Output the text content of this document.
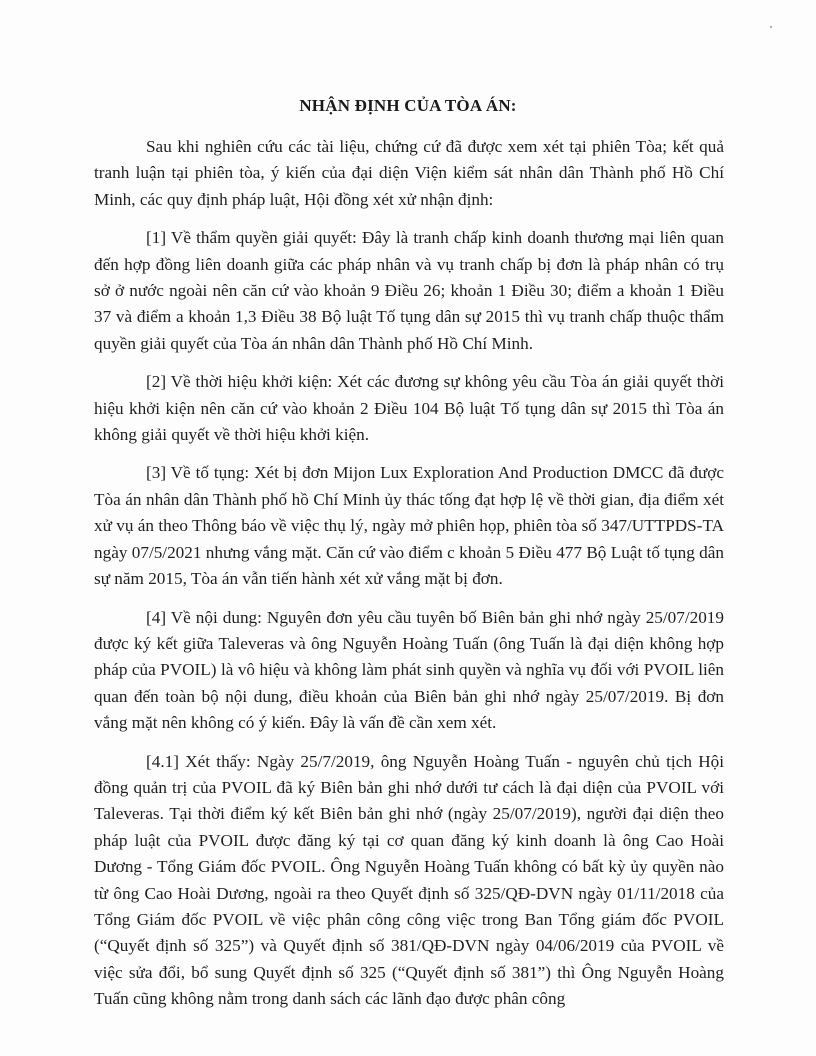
NHẬN ĐỊNH CỦA TÒA ÁN:

Sau khi nghiên cứu các tài liệu, chứng cứ đã được xem xét tại phiên Tòa; kết quả tranh luận tại phiên tòa, ý kiến của đại diện Viện kiểm sát nhân dân Thành phố Hồ Chí Minh, các quy định pháp luật, Hội đồng xét xử nhận định:

[1] Về thẩm quyền giải quyết: Đây là tranh chấp kinh doanh thương mại liên quan đến hợp đồng liên doanh giữa các pháp nhân và vụ tranh chấp bị đơn là pháp nhân có trụ sở ở nước ngoài nên căn cứ vào khoản 9 Điều 26; khoản 1 Điều 30; điểm a khoản 1 Điều 37 và điểm a khoản 1,3 Điều 38 Bộ luật Tố tụng dân sự 2015 thì vụ tranh chấp thuộc thẩm quyền giải quyết của Tòa án nhân dân Thành phố Hồ Chí Minh.

[2] Về thời hiệu khởi kiện: Xét các đương sự không yêu cầu Tòa án giải quyết thời hiệu khởi kiện nên căn cứ vào khoản 2 Điều 104 Bộ luật Tố tụng dân sự 2015 thì Tòa án không giải quyết về thời hiệu khởi kiện.

[3] Về tố tụng: Xét bị đơn Mijon Lux Exploration And Production DMCC đã được Tòa án nhân dân Thành phố hồ Chí Minh ủy thác tống đạt hợp lệ về thời gian, địa điểm xét xử vụ án theo Thông báo về việc thụ lý, ngày mở phiên họp, phiên tòa số 347/UTTPDS-TA ngày 07/5/2021 nhưng vắng mặt. Căn cứ vào điểm c khoản 5 Điều 477 Bộ Luật tố tụng dân sự năm 2015, Tòa án vẫn tiến hành xét xử vắng mặt bị đơn.

[4] Về nội dung: Nguyên đơn yêu cầu tuyên bố Biên bản ghi nhớ ngày 25/07/2019 được ký kết giữa Taleveras và ông Nguyễn Hoàng Tuấn (ông Tuấn là đại diện không hợp pháp của PVOIL) là vô hiệu và không làm phát sinh quyền và nghĩa vụ đối với PVOIL liên quan đến toàn bộ nội dung, điều khoản của Biên bản ghi nhớ ngày 25/07/2019. Bị đơn vắng mặt nên không có ý kiến. Đây là vấn đề cần xem xét.

[4.1] Xét thấy: Ngày 25/7/2019, ông Nguyễn Hoàng Tuấn - nguyên chủ tịch Hội đồng quản trị của PVOIL đã ký Biên bản ghi nhớ dưới tư cách là đại diện của PVOIL với Taleveras. Tại thời điểm ký kết Biên bản ghi nhớ (ngày 25/07/2019), người đại diện theo pháp luật của PVOIL được đăng ký tại cơ quan đăng ký kinh doanh là ông Cao Hoài Dương - Tổng Giám đốc PVOIL. Ông Nguyễn Hoàng Tuấn không có bất kỳ ủy quyền nào từ ông Cao Hoài Dương, ngoài ra theo Quyết định số 325/QĐ-DVN ngày 01/11/2018 của Tổng Giám đốc PVOIL về việc phân công công việc trong Ban Tổng giám đốc PVOIL (“Quyết định số 325”) và Quyết định số 381/QĐ-DVN ngày 04/06/2019 của PVOIL về việc sửa đổi, bổ sung Quyết định số 325 (“Quyết định số 381”) thì Ông Nguyễn Hoàng Tuấn cũng không nằm trong danh sách các lãnh đạo được phân công
